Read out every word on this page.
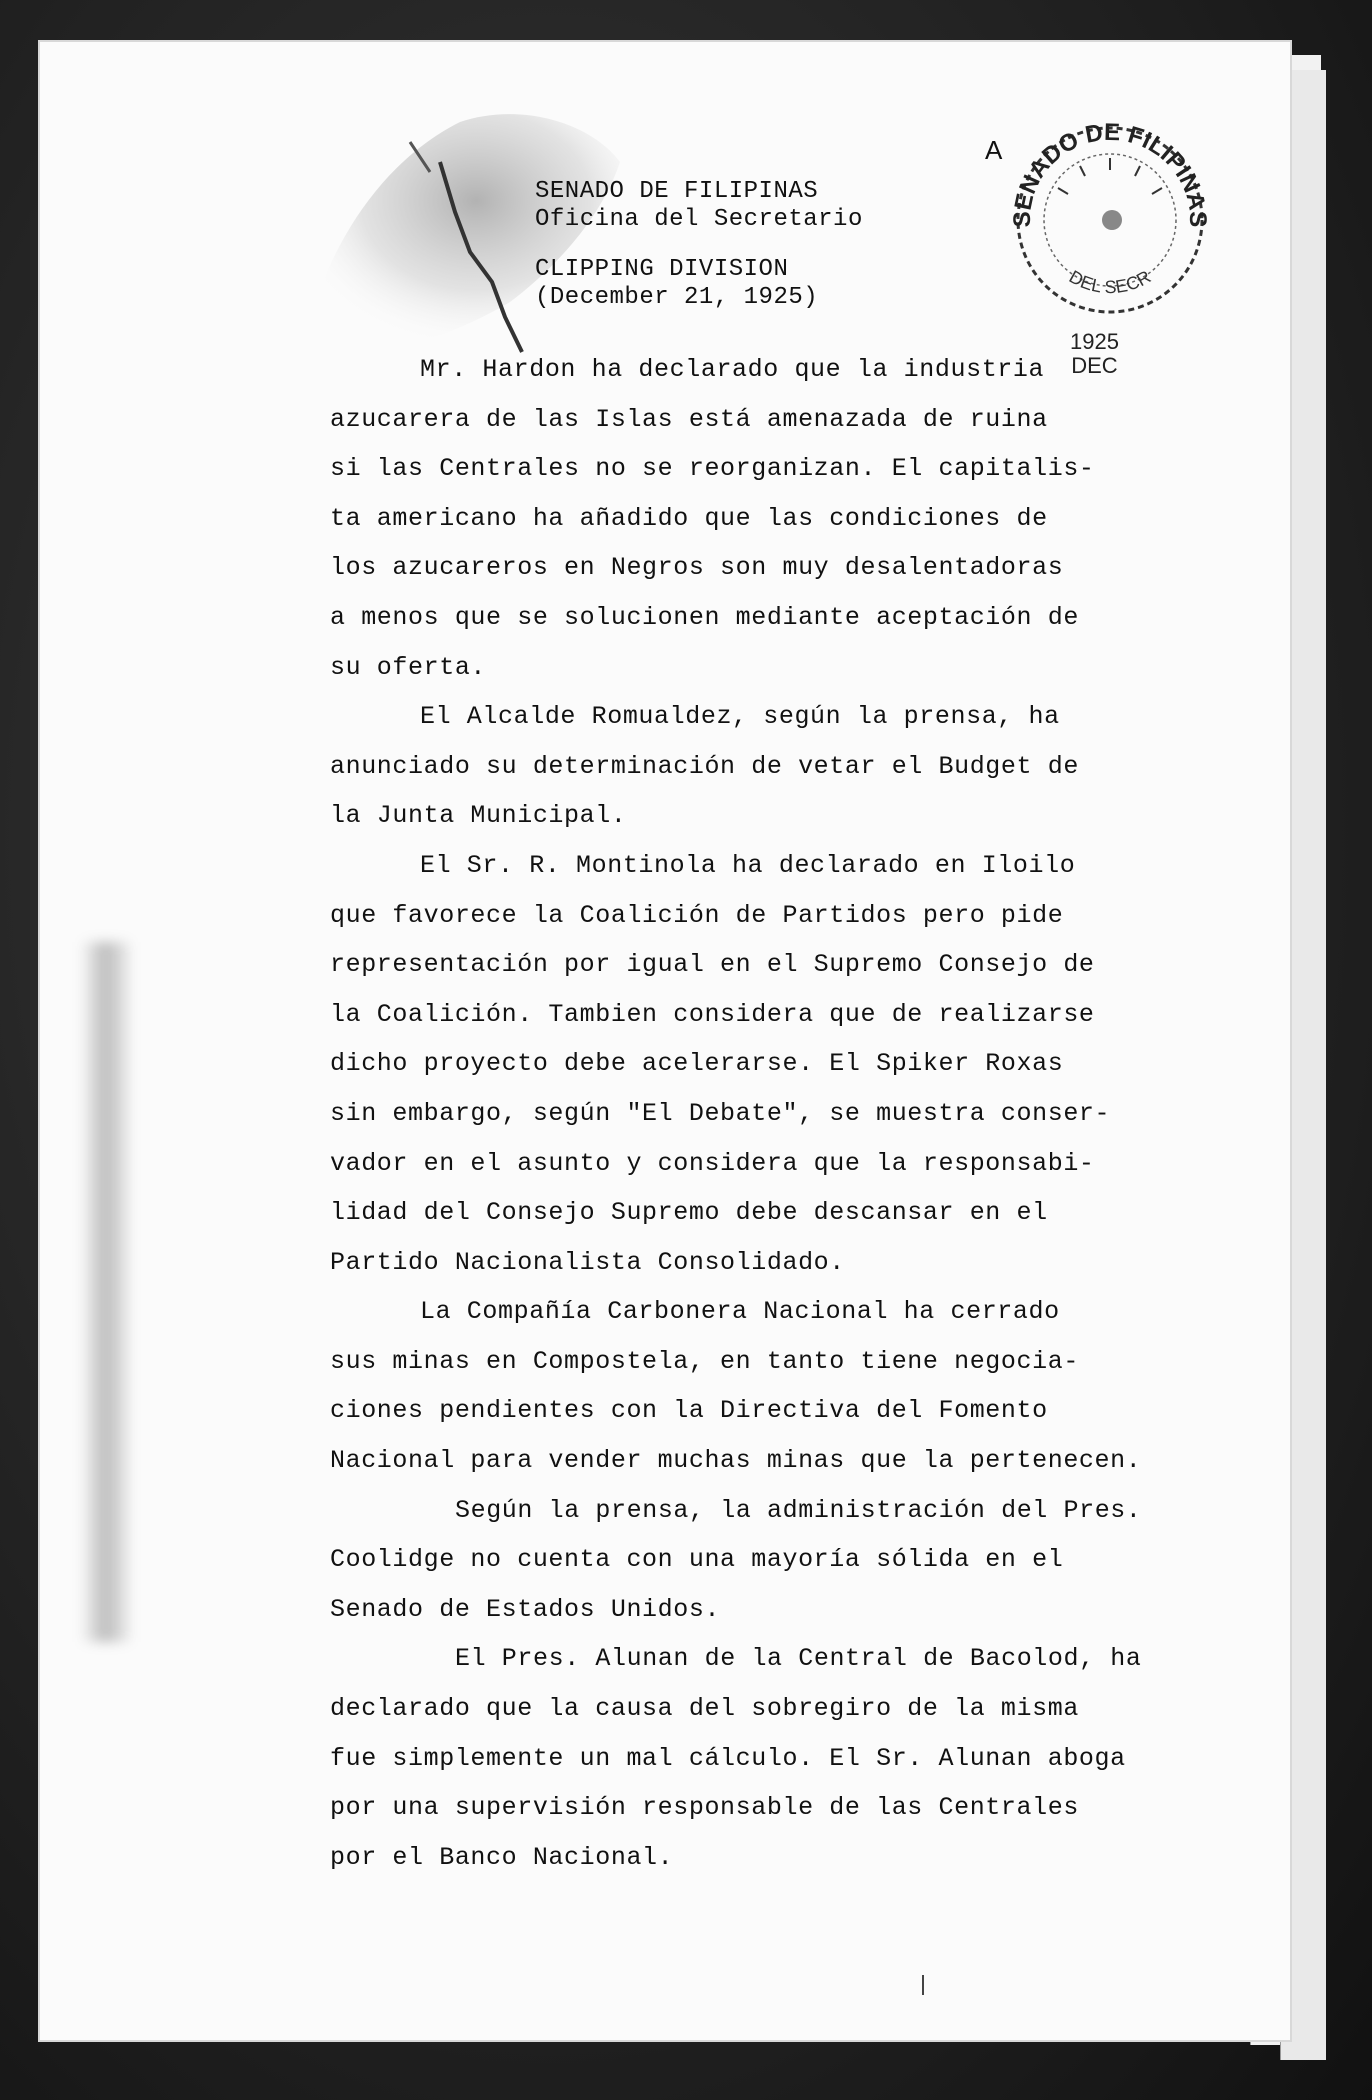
SENADO DE FILIPINAS
Oficina del Secretario
CLIPPING DIVISION
(December 21, 1925)
A
SENADO DE FILIPINAS
DEL SECR
1925
DEC
Mr. Hardon ha declarado que la industria
azucarera de las Islas está amenazada de ruina
si las Centrales no se reorganizan. El capitalis-
ta americano ha añadido que las condiciones de
los azucareros en Negros son muy desalentadoras
a menos que se solucionen mediante aceptación de
su oferta.
El Alcalde Romualdez, según la prensa, ha
anunciado su determinación de vetar el Budget de
la Junta Municipal.
El Sr. R. Montinola ha declarado en Iloilo
que favorece la Coalición de Partidos pero pide
representación por igual en el Supremo Consejo de
la Coalición. Tambien considera que de realizarse
dicho proyecto debe acelerarse. El Spiker Roxas
sin embargo, según "El Debate", se muestra conser-
vador en el asunto y considera que la responsabi-
lidad del Consejo Supremo debe descansar en el
Partido Nacionalista Consolidado.
La Compañía Carbonera Nacional ha cerrado
sus minas en Compostela, en tanto tiene negocia-
ciones pendientes con la Directiva del Fomento
Nacional para vender muchas minas que la pertenecen.
Según la prensa, la administración del Pres.
Coolidge no cuenta con una mayoría sólida en el
Senado de Estados Unidos.
El Pres. Alunan de la Central de Bacolod, ha
declarado que la causa del sobregiro de la misma
fue simplemente un mal cálculo. El Sr. Alunan aboga
por una supervisión responsable de las Centrales
por el Banco Nacional.
